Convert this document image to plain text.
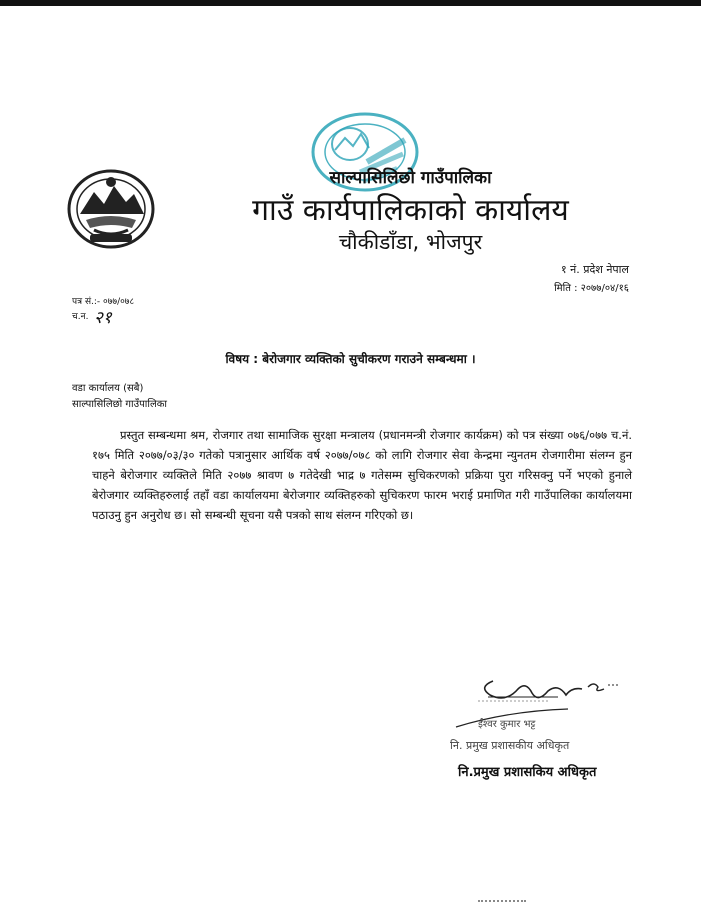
साल्पासिलिछो गाउँपालिका
गाउँ कार्यपालिकाको कार्यालय
चौकीडाँडा, भोजपुर
१ नं. प्रदेश नेपाल
मिति : २०७७/०४/१६
पत्र सं.:- ०७७/०७८
च.न. २१
विषय : बेरोजगार व्यक्तिको सुचीकरण गराउने सम्बन्धमा ।
वडा कार्यालय (सबै)
साल्पासिलिछो गाउँपालिका
प्रस्तुत सम्बन्धमा श्रम, रोजगार तथा सामाजिक सुरक्षा मन्त्रालय (प्रधानमन्त्री रोजगार कार्यक्रम) को पत्र संख्या ०७६/०७७ च.नं. १७५ मिति २०७७/०३/३० गतेको पत्रानुसार आर्थिक वर्ष २०७७/०७८ को लागि रोजगार सेवा केन्द्रमा न्युनतम रोजगारीमा संलग्न हुन चाहने बेरोजगार व्यक्तिले मिति २०७७ श्रावण ७ गतेदेखी भाद्र ७ गतेसम्म सुचिकरणको प्रक्रिया पुरा गरिसक्नु पर्ने भएको हुनाले बेरोजगार व्यक्तिहरुलाई तहाँ वडा कार्यालयमा बेरोजगार व्यक्तिहरुको सुचिकरण फारम भराई प्रमाणित गरी गाउँपालिका कार्यालयमा पठाउनु हुन अनुरोध छ। सो सम्बन्धी सूचना यसै पत्रको साथ संलग्न गरिएको छ।
ईश्वर कुमार भट्ट
नि. प्रमुख प्रशासकीय अधिकृत
नि.प्रमुख प्रशासकिय अधिकृत
